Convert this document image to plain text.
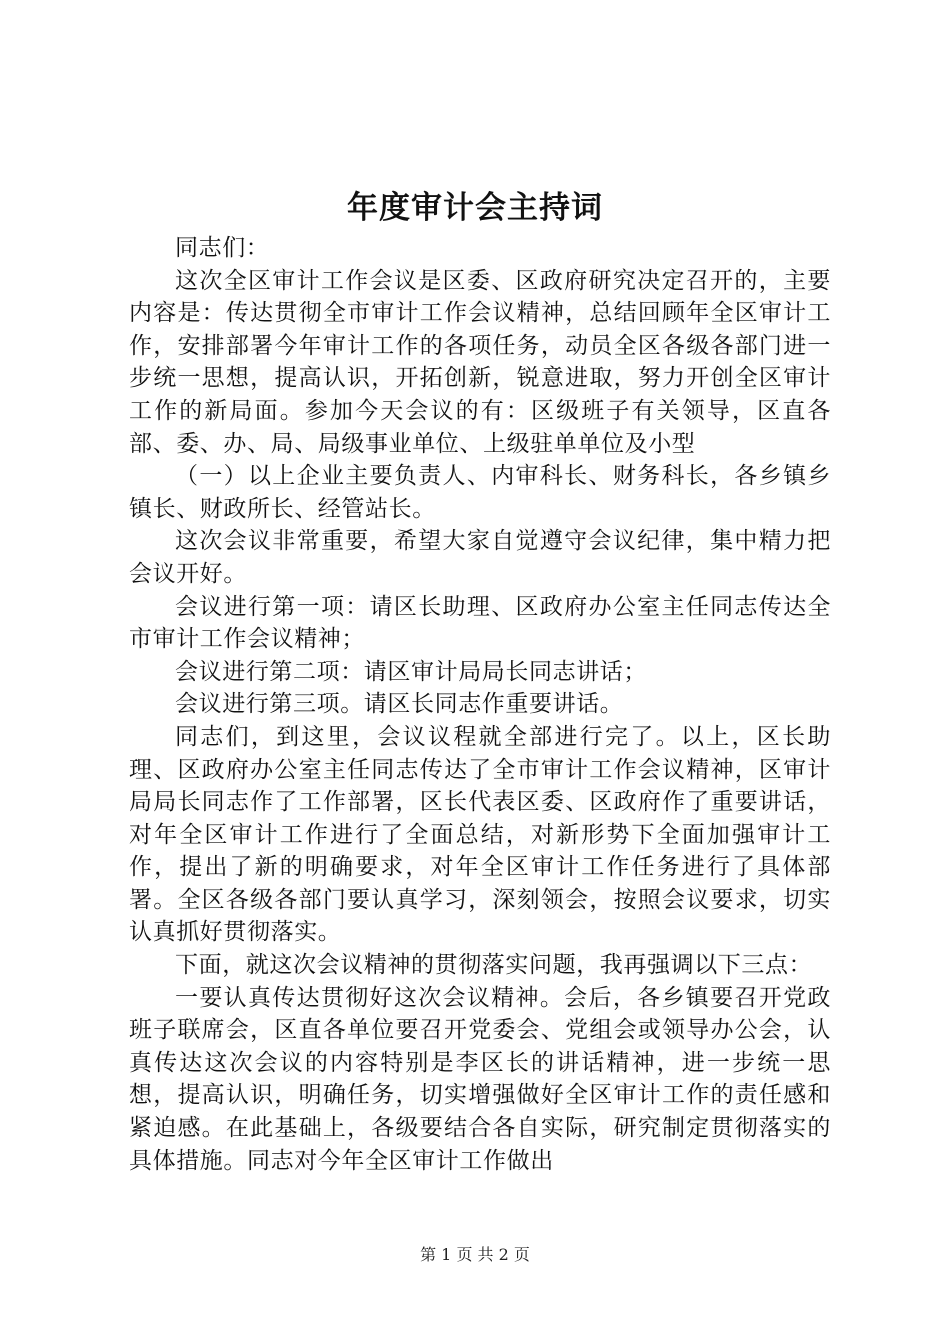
年度审计会主持词

同志们：

这次全区审计工作会议是区委、区政府研究决定召开的，主要内容是：传达贯彻全市审计工作会议精神，总结回顾年全区审计工作，安排部署今年审计工作的各项任务，动员全区各级各部门进一步统一思想，提高认识，开拓创新，锐意进取，努力开创全区审计工作的新局面。参加今天会议的有：区级班子有关领导，区直各部、委、办、局、局级事业单位、上级驻单单位及小型

（一）以上企业主要负责人、内审科长、财务科长，各乡镇乡镇长、财政所长、经管站长。

这次会议非常重要，希望大家自觉遵守会议纪律，集中精力把会议开好。

会议进行第一项：请区长助理、区政府办公室主任同志传达全市审计工作会议精神；

会议进行第二项：请区审计局局长同志讲话；

会议进行第三项。请区长同志作重要讲话。

同志们，到这里，会议议程就全部进行完了。以上，区长助理、区政府办公室主任同志传达了全市审计工作会议精神，区审计局局长同志作了工作部署，区长代表区委、区政府作了重要讲话，对年全区审计工作进行了全面总结，对新形势下全面加强审计工作，提出了新的明确要求，对年全区审计工作任务进行了具体部署。全区各级各部门要认真学习，深刻领会，按照会议要求，切实认真抓好贯彻落实。

下面，就这次会议精神的贯彻落实问题，我再强调以下三点：

一要认真传达贯彻好这次会议精神。会后，各乡镇要召开党政班子联席会，区直各单位要召开党委会、党组会或领导办公会，认真传达这次会议的内容特别是李区长的讲话精神，进一步统一思想，提高认识，明确任务，切实增强做好全区审计工作的责任感和紧迫感。在此基础上，各级要结合各自实际，研究制定贯彻落实的具体措施。同志对今年全区审计工作做出

第 1 页 共 2 页
